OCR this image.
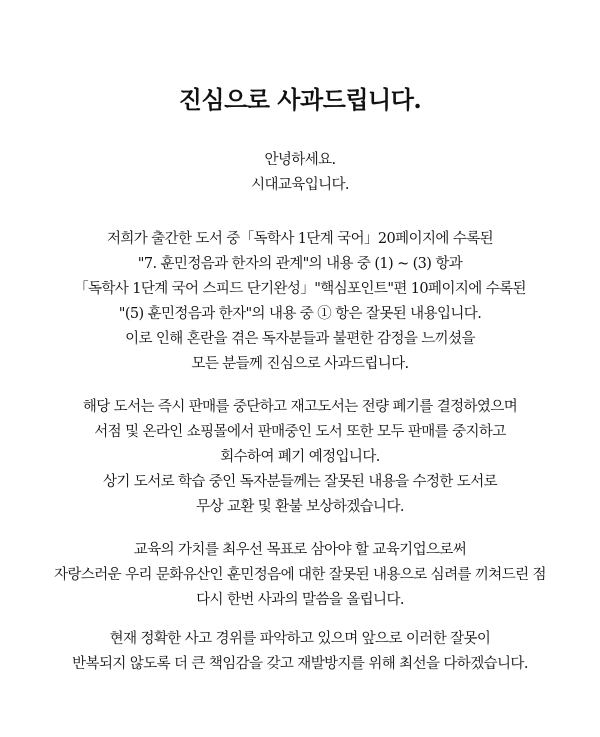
진심으로 사과드립니다.
안녕하세요.
시대교육입니다.
저희가 출간한 도서 중「독학사 1단계 국어」20페이지에 수록된
"7. 훈민정음과 한자의 관계"의 내용 중 (1) ~ (3) 항과
「독학사 1단계 국어 스피드 단기완성」"핵심포인트"편 10페이지에 수록된
"(5) 훈민정음과 한자"의 내용 중 ① 항은 잘못된 내용입니다.
이로 인해 혼란을 겪은 독자분들과 불편한 감정을 느끼셨을
모든 분들께 진심으로 사과드립니다.
해당 도서는 즉시 판매를 중단하고 재고도서는 전량 폐기를 결정하였으며
서점 및 온라인 쇼핑몰에서 판매중인 도서 또한 모두 판매를 중지하고
회수하여 폐기 예정입니다.
상기 도서로 학습 중인 독자분들께는 잘못된 내용을 수정한 도서로
무상 교환 및 환불 보상하겠습니다.
교육의 가치를 최우선 목표로 삼아야 할 교육기업으로써
자랑스러운 우리 문화유산인 훈민정음에 대한 잘못된 내용으로 심려를 끼쳐드린 점
다시 한번 사과의 말씀을 올립니다.
현재 정확한 사고 경위를 파악하고 있으며 앞으로 이러한 잘못이
반복되지 않도록 더 큰 책임감을 갖고 재발방지를 위해 최선을 다하겠습니다.
